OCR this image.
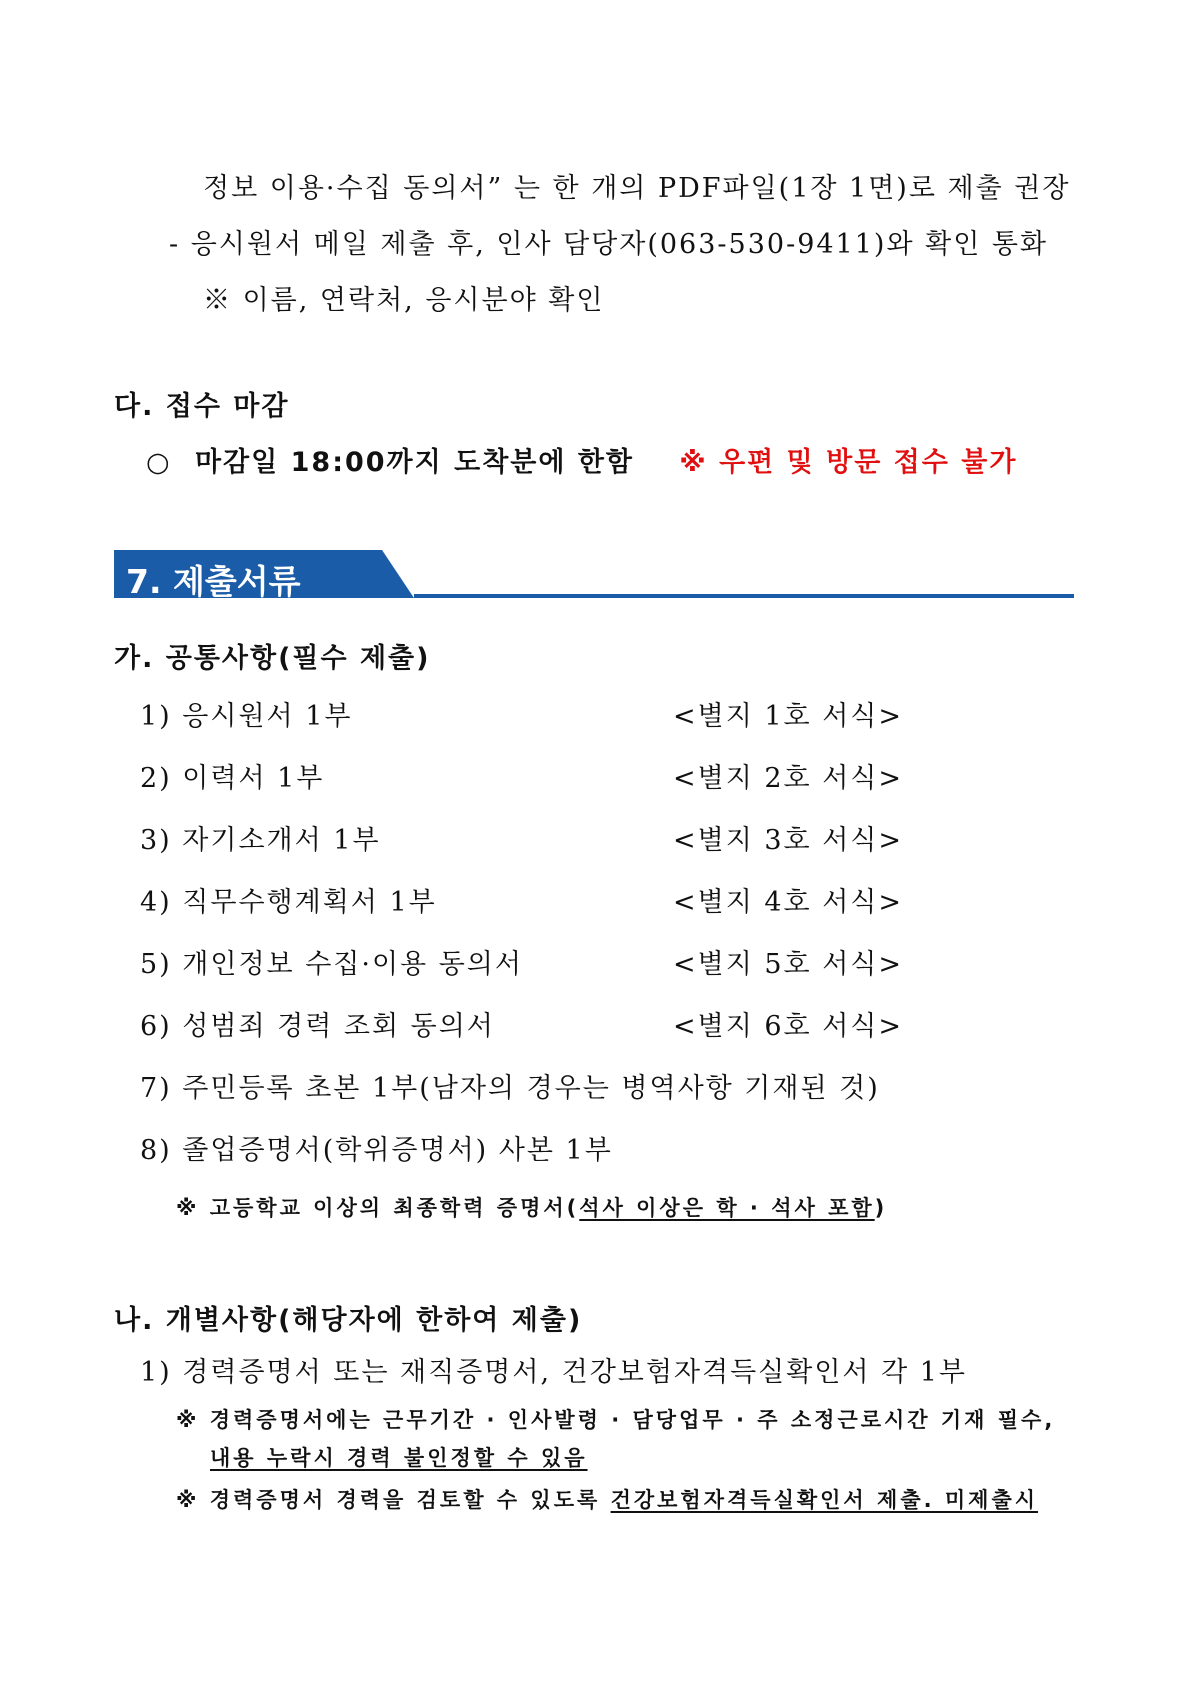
정보 이용·수집 동의서” 는 한 개의 PDF파일(1장 1면)로 제출 권장
- 응시원서 메일 제출 후, 인사 담당자(063-530-9411)와 확인 통화
※ 이름, 연락처, 응시분야 확인
다. 접수 마감
○ 마감일 18:00까지 도착분에 한함 ※ 우편 및 방문 접수 불가
7. 제출서류
가. 공통사항(필수 제출)
1) 응시원서 1부	<별지 1호 서식>
2) 이력서 1부	<별지 2호 서식>
3) 자기소개서 1부	<별지 3호 서식>
4) 직무수행계획서 1부	<별지 4호 서식>
5) 개인정보 수집·이용 동의서	<별지 5호 서식>
6) 성범죄 경력 조회 동의서	<별지 6호 서식>
7) 주민등록 초본 1부(남자의 경우는 병역사항 기재된 것)
8) 졸업증명서(학위증명서) 사본 1부
※ 고등학교 이상의 최종학력 증명서(석사 이상은 학 · 석사 포함)
나. 개별사항(해당자에 한하여 제출)
1) 경력증명서 또는 재직증명서, 건강보험자격득실확인서 각 1부
※ 경력증명서에는 근무기간 · 인사발령 · 담당업무 · 주 소정근로시간 기재 필수,
내용 누락시 경력 불인정할 수 있음
※ 경력증명서 경력을 검토할 수 있도록 건강보험자격득실확인서 제출. 미제출시
